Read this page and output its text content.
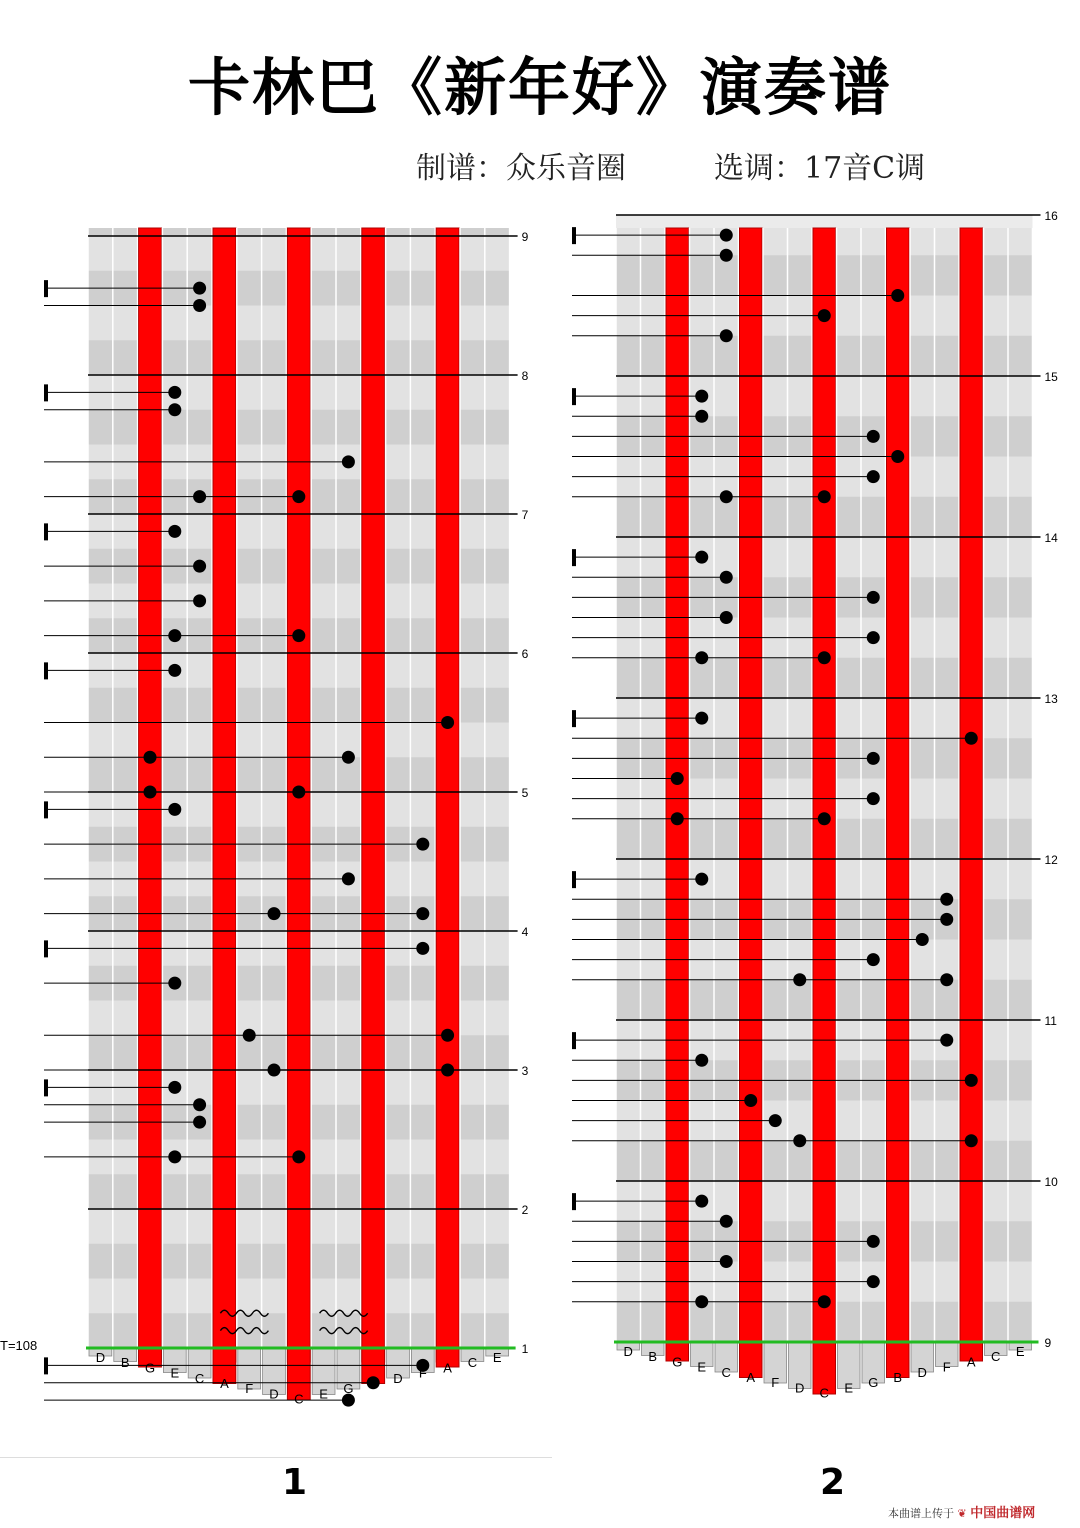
卡林巴《新年好》演奏谱
制谱：众乐音圈	选调：17音C调
T=108
9
8
7
6
5
4
3
2
1
D B G E C A F D C E G B D F A C E
16
15
14
13
12
11
10
9
D B G E C A F D C E G B D F A C E
1	2
本曲谱上传于 ❦ 中国曲谱网
